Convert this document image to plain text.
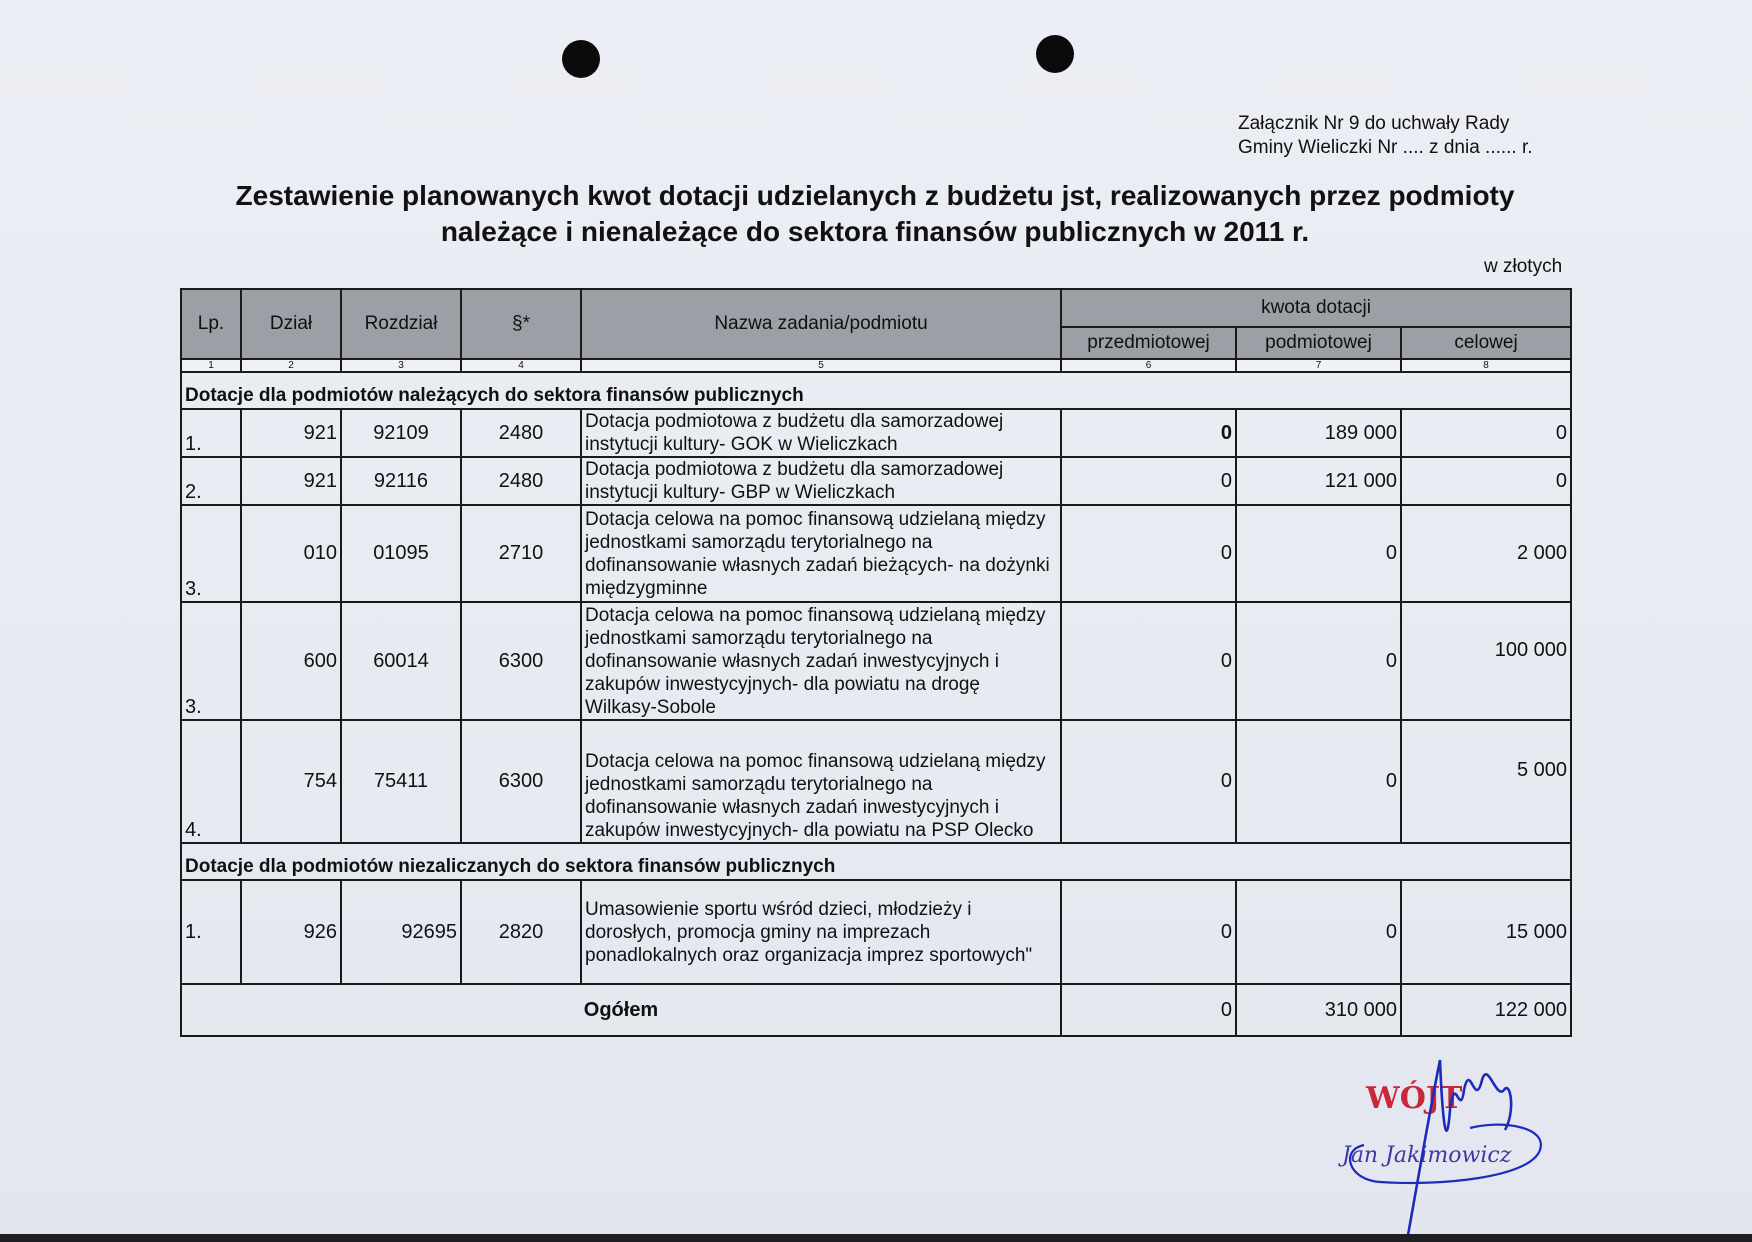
Załącznik Nr 9 do uchwały Rady
Gminy Wieliczki Nr .... z dnia ...... r.
Zestawienie planowanych kwot dotacji udzielanych z budżetu jst, realizowanych przez podmioty
należące i nienależące do sektora finansów publicznych w 2011 r.
w złotych
Lp.	Dział	Rozdział	§*	Nazwa zadania/podmiotu	kwota dotacji		
					przedmiotowej	podmiotowej	celowej
1	2	3	4	5	6	7	8
Dotacje dla podmiotów należących do sektora finansów publicznych							
1.	921	92109	2480	Dotacja podmiotowa z budżetu dla samorzadowej instytucji kultury- GOK w Wieliczkach	0	189 000	0
2.	921	92116	2480	Dotacja podmiotowa z budżetu dla samorzadowej instytucji kultury- GBP w Wieliczkach	0	121 000	0
3.	010	01095	2710	Dotacja celowa na pomoc finansową udzielaną między jednostkami samorządu terytorialnego na dofinansowanie własnych zadań bieżących- na dożynki międzygminne	0	0	2 000
3.	600	60014	6300	Dotacja celowa na pomoc finansową udzielaną między jednostkami samorządu terytorialnego na dofinansowanie własnych zadań inwestycyjnych i zakupów inwestycyjnych- dla powiatu na drogę Wilkasy-Sobole	0	0	100 000
4.	754	75411	6300	Dotacja celowa na pomoc finansową udzielaną między jednostkami samorządu terytorialnego na dofinansowanie własnych zadań inwestycyjnych i zakupów inwestycyjnych- dla powiatu na PSP Olecko	0	0	5 000
Dotacje dla podmiotów niezaliczanych do sektora finansów publicznych							
1.	926	92695	2820	Umasowienie sportu wśród dzieci, młodzieży i dorosłych, promocja gminy na imprezach ponadlokalnych oraz organizacja imprez sportowych"	0	0	15 000
Ogółem					0	310 000	122 000
WÓJT
Jan Jakimowicz
